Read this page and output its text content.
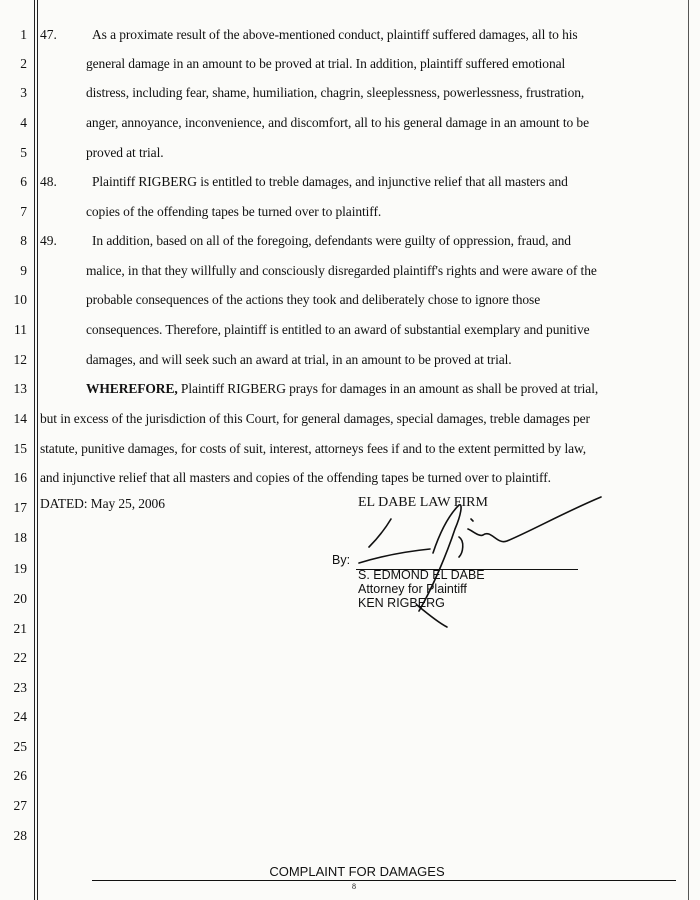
1
2
3
4
5
6
7
8
9
10
11
12
13
14
15
16
17
18
19
20
21
22
23
24
25
26
27
28
47.	As a proximate result of the above-mentioned conduct, plaintiff suffered damages, all to his
general damage in an amount to be proved at trial. In addition, plaintiff suffered emotional
distress, including fear, shame, humiliation, chagrin, sleeplessness, powerlessness, frustration,
anger, annoyance, inconvenience, and discomfort, all to his general damage in an amount to be
proved at trial.
48.	Plaintiff RIGBERG is entitled to treble damages, and injunctive relief that all masters and
copies of the offending tapes be turned over to plaintiff.
49.	In addition, based on all of the foregoing, defendants were guilty of oppression, fraud, and
malice, in that they willfully and consciously disregarded plaintiff's rights and were aware of the
probable consequences of the actions they took and deliberately chose to ignore those
consequences. Therefore, plaintiff is entitled to an award of substantial exemplary and punitive
damages, and will seek such an award at trial, in an amount to be proved at trial.
WHEREFORE, Plaintiff RIGBERG prays for damages in an amount as shall be proved at trial,
but in excess of the jurisdiction of this Court, for general damages, special damages, treble damages per
statute, punitive damages, for costs of suit, interest, attorneys fees if and to the extent permitted by law,
and injunctive relief that all masters and copies of the offending tapes be turned over to plaintiff.
DATED: May 25, 2006	EL DABE LAW FIRM
By:
S. EDMOND EL DABE
Attorney for Plaintiff
KEN RIGBERG
COMPLAINT FOR DAMAGES
8
